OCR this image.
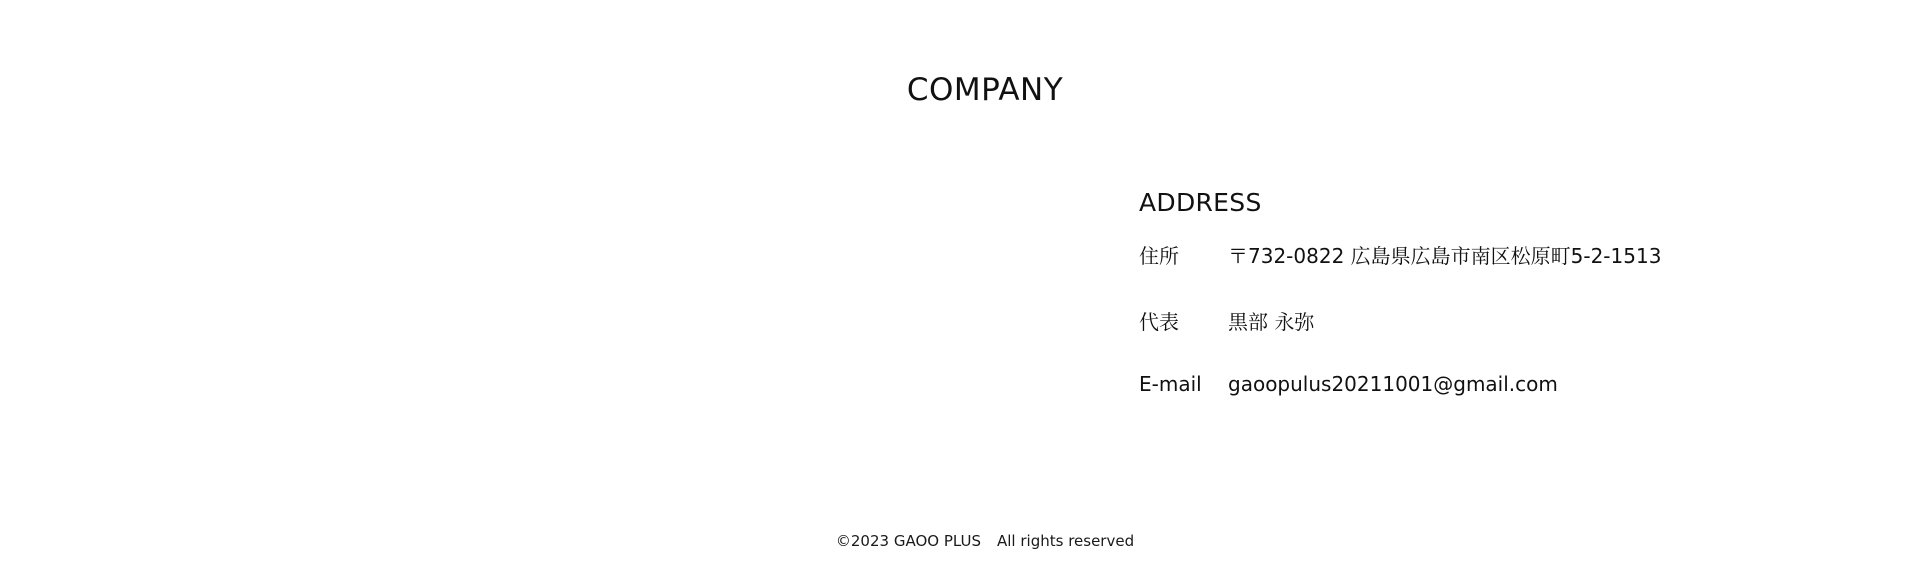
COMPANY
ADDRESS
住所	〒732-0822 広島県広島市南区松原町5-2-1513
代表	黒部 永弥
E-mail	gaoopulus20211001@gmail.com
©2023 GAOO PLUS All rights reserved
